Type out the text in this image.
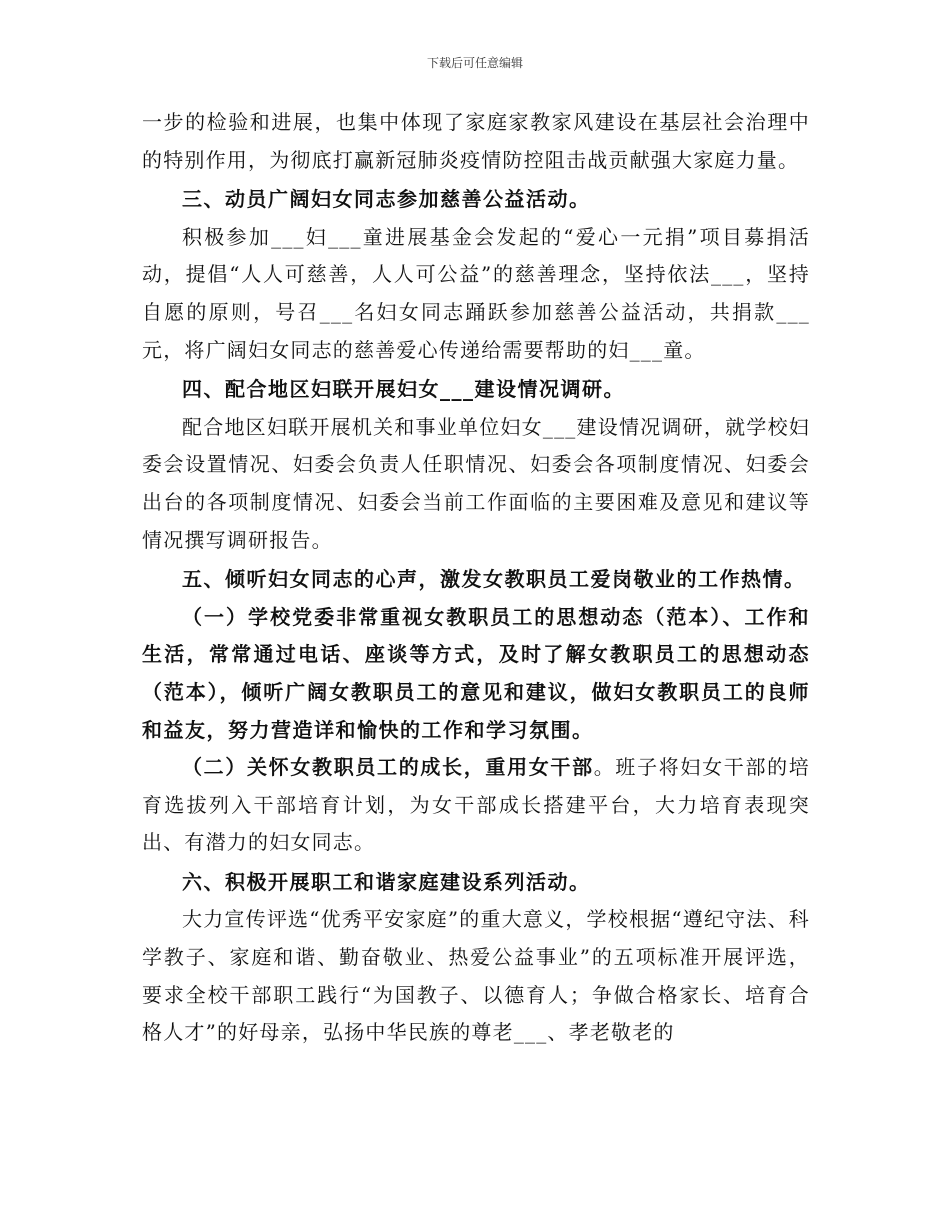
下载后可任意编辑

一步的检验和进展，也集中体现了家庭家教家风建设在基层社会治理中的特别作用，为彻底打赢新冠肺炎疫情防控阻击战贡献强大家庭力量。

三、动员广阔妇女同志参加慈善公益活动。

积极参加___妇___童进展基金会发起的“爱心一元捐”项目募捐活动，提倡“人人可慈善，人人可公益”的慈善理念，坚持依法___，坚持自愿的原则，号召___名妇女同志踊跃参加慈善公益活动，共捐款___元，将广阔妇女同志的慈善爱心传递给需要帮助的妇___童。

四、配合地区妇联开展妇女___建设情况调研。

配合地区妇联开展机关和事业单位妇女___建设情况调研，就学校妇委会设置情况、妇委会负责人任职情况、妇委会各项制度情况、妇委会出台的各项制度情况、妇委会当前工作面临的主要困难及意见和建议等情况撰写调研报告。

五、倾听妇女同志的心声，激发女教职员工爱岗敬业的工作热情。

（一）学校党委非常重视女教职员工的思想动态（范本）、工作和生活，常常通过电话、座谈等方式，及时了解女教职员工的思想动态（范本），倾听广阔女教职员工的意见和建议，做妇女教职员工的良师和益友，努力营造详和愉快的工作和学习氛围。

（二）关怀女教职员工的成长，重用女干部。班子将妇女干部的培育选拔列入干部培育计划，为女干部成长搭建平台，大力培育表现突出、有潜力的妇女同志。

六、积极开展职工和谐家庭建设系列活动。

大力宣传评选“优秀平安家庭”的重大意义，学校根据“遵纪守法、科学教子、家庭和谐、勤奋敬业、热爱公益事业”的五项标准开展评选，要求全校干部职工践行“为国教子、以德育人；争做合格家长、培育合格人才”的好母亲，弘扬中华民族的尊老___、孝老敬老的
